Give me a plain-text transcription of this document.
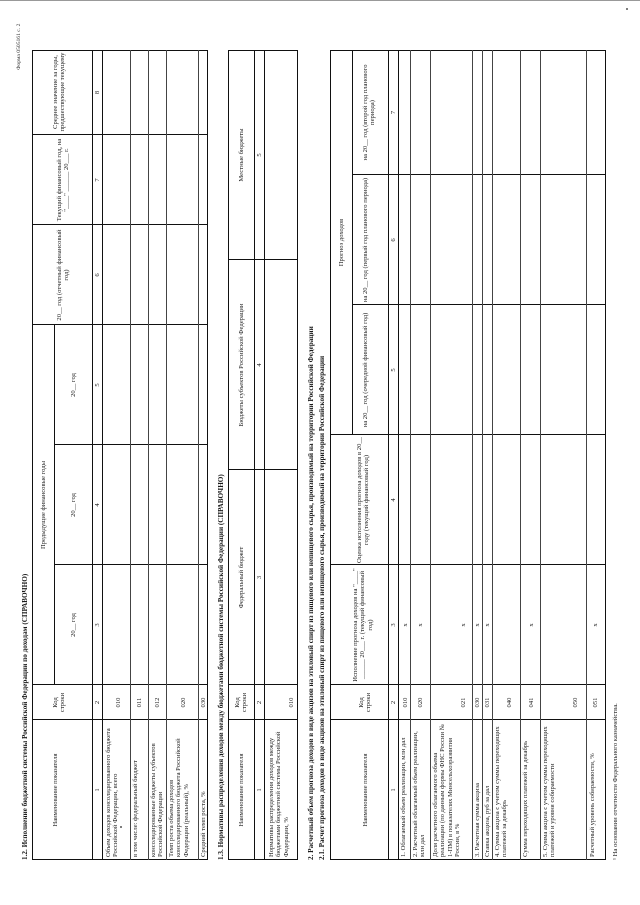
Форма 0505161 с. 2
1.2. Исполнение бюджетной системы Российской Федерации по доходам (СПРАВОЧНО)	Наименование показателя
Код строки
Предыдущие финансовые годы
20__ год
20__ год
20__ год
20__ год (отчетный финансовый год)
Текущий финансовый год, на "____" ______ 20___ г.
Среднее значение за годы, предшествующие текущему
1
2
3
4
5
6
7
8
Объем доходов консолидированного бюджета Российской Федерации, всего
010
в том числе: федеральный бюджет
011
консолидированные бюджеты субъектов Российской Федерации
012
Темп роста объема доходов консолидированного бюджета Российской Федерации (реальный), %
020
Средний темп роста, %
030 1.3. Нормативы распределения доходов между бюджетами бюджетной системы Российской Федерации (СПРАВОЧНО) Наименование показателя
Код строки
Федеральный бюджет
Бюджеты субъектов Российской Федерации
Местные бюджеты
1
2
3
4
5
Нормативы распределения доходов между бюджетами бюджетной системы Российской Федерации, %
010 2. Расчетный объем прогноза доходов в виде акцизов на этиловый спирт из пищевого или непищевого сырья, производимый на территории Российской Федерации 2.1. Расчет прогноза доходов в виде акцизов на этиловый спирт из пищевого или непищевого сырья, производимый на территории Российской Федерации	Наименование показателя
Код строки
Исполнение прогноза доходов на "____" ______ 20___ г. (текущий финансовый год)
Оценка исполнения прогноза доходов в 20__ году (текущий финансовый год)
Прогноз доходов
на 20__ год (очередной финансовый год)
на 20__ год (первый год планового периода)
на 20__ год (второй год планового периода)
1
2
3
4
5
6
7
1. Облагаемый объем реализации, млн дал
010
x
2. Расчетный облагаемый объем реализации, млн дал
020
x
Доля расчетного облагаемого объема реализации (по данным формы ФНС России № 1-ПМ) в показателях Минсельхозразвития России, в %
021
x
3. Расчетная сумма акциза
030
x
Ставка акциза, руб за дал
031
x
4. Сумма акциза с учетом суммы переходящих платежей за декабрь
040
Сумма переходящих платежей за декабрь
041
x
5. Сумма акциза с учетом суммы переходящих платежей и уровня собираемости
050
Расчетный уровень собираемости, %
051
x
¹ На основании отчетности Федерального казначейства.
